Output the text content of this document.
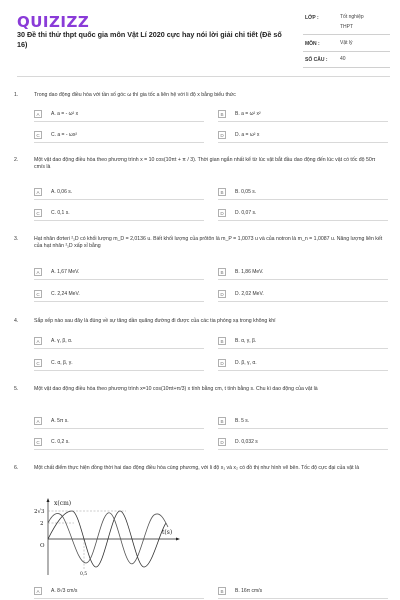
QUIZIZZ
30 Đề thi thử thpt quốc gia môn Vật Lí 2020 cực hay nói lời giải chi tiết (Đề số 16)
LỚP :	Tốt nghiệp
THPT
MÔN :	Vật lý
SỐ CÂU :	40
1.	Trong dao động điều hòa với tần số góc ω thì gia tốc a liên hệ với li độ x bằng biểu thức
A	A. a = - ω² x	B	B. a = ω² x²
C	C. a = - ωx²	D	D. a = ω² x
2.	Một vật dao động điều hòa theo phương trình x = 10 cos(10πt + π / 3). Thời gian ngắn nhất kể từ lúc vật bắt đầu dao động đến lúc vật có tốc độ 50π cm/s là
A	A. 0,06 s.	B	B. 0,05 s.
C	C. 0,1 s.	D	D. 0,07 s.
3.	Hạt nhân đơteri ²₁D có khối lượng m_D = 2,0136 u. Biết khối lượng của prôtôn là m_P = 1,0073 u và của notron là m_n = 1,0087 u. Năng lượng liên kết của hạt nhân ²₁D xấp xỉ bằng
A	A. 1,67 MeV.	B	B. 1,86 MeV.
C	C. 2,24 MeV.	D	D. 2,02 MeV.
4.	Sắp xếp nào sau đây là đúng về sự tăng dần quãng đường đi được của các tia phóng xạ trong không khí
A	A. γ, β, α.	B	B. α, γ, β.
C	C. α, β, γ.	D	D. β, γ, α.
5.	Một vật dao động điều hòa theo phương trình x=10 cos(10πt+π/3) x tính bằng cm, t tính bằng s. Chu kì dao động của vật là
A	A. 5π s.	B	B. 5 s.
C	C. 0,2 s.	D	D. 0,032 s
6.	Một chất điểm thực hiện đồng thời hai dao động điều hòa cùng phương, với li độ x₁ và x₂ có đồ thị như hình vẽ bên. Tốc độ cực đại của vật là
x(cm)
t(s)
2√3
2
O
0,5
A	A. 8√3 cm/s	B	B. 16π cm/s
